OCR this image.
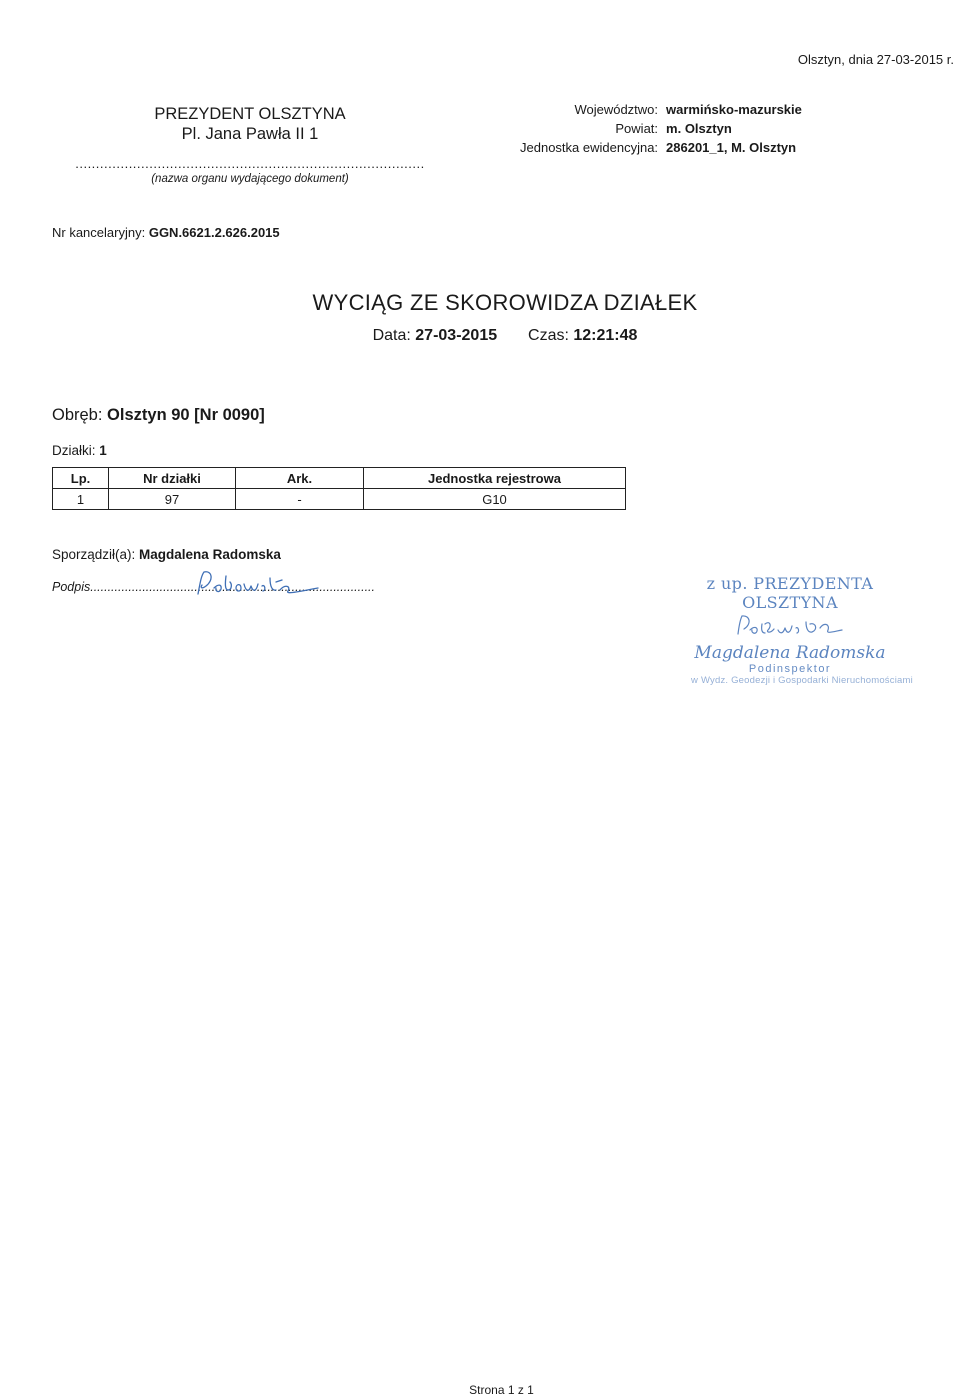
Olsztyn, dnia 27-03-2015 r.
PREZYDENT OLSZTYNA
Pl. Jana Pawła II 1
.....................................................................................
(nazwa organu wydającego dokument)
Województwo:	warmińsko-mazurskie
Powiat:	m. Olsztyn
Jednostka ewidencyjna:	286201_1, M. Olsztyn
Nr kancelaryjny: GGN.6621.2.626.2015
WYCIĄG ZE SKOROWIDZA DZIAŁEK
Data: 27-03-2015 Czas: 12:21:48
Obręb: Olsztyn 90 [Nr 0090]
Działki: 1
Lp.	Nr działki	Ark.	Jednostka rejestrowa
1	97	-	G10
Sporządził(a): Magdalena Radomska
Podpis..................................................................................	z up. PREZYDENTA OLSZTYNA
Magdalena Radomska
Podinspektor
w Wydz. Geodezji i Gospodarki Nieruchomościami
Strona 1 z 1
